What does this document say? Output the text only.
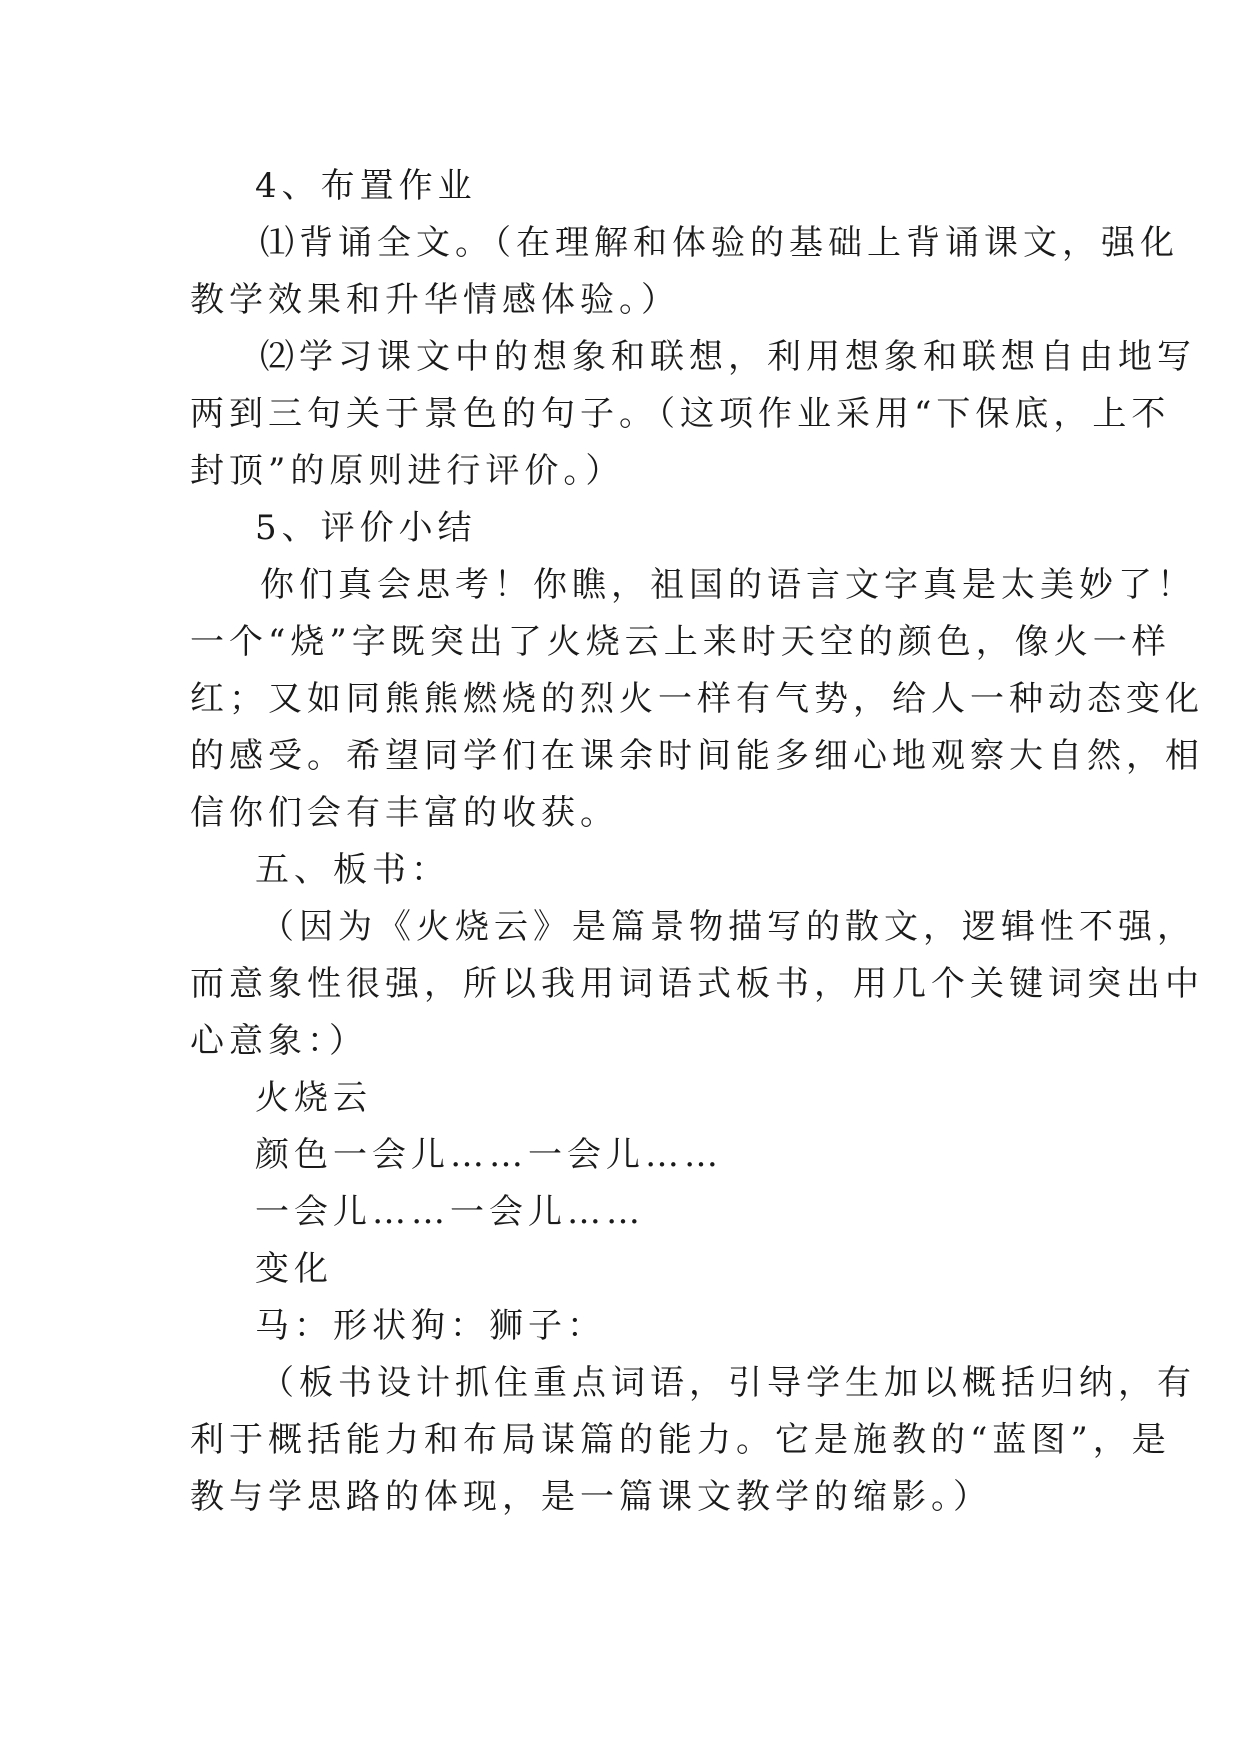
4、布置作业
⑴背诵全文。（在理解和体验的基础上背诵课文，强化
教学效果和升华情感体验。）
⑵学习课文中的想象和联想，利用想象和联想自由地写
两到三句关于景色的句子。（这项作业采用“下保底，上不
封顶”的原则进行评价。）
5、评价小结
你们真会思考！你瞧，祖国的语言文字真是太美妙了！
一个“烧”字既突出了火烧云上来时天空的颜色，像火一样
红；又如同熊熊燃烧的烈火一样有气势，给人一种动态变化
的感受。希望同学们在课余时间能多细心地观察大自然，相
信你们会有丰富的收获。
五、板书：
（因为《火烧云》是篇景物描写的散文，逻辑性不强，
而意象性很强，所以我用词语式板书，用几个关键词突出中
心意象：）
火烧云
颜色一会儿……一会儿……
一会儿……一会儿……
变化
马：形状狗：狮子：
（板书设计抓住重点词语，引导学生加以概括归纳，有
利于概括能力和布局谋篇的能力。它是施教的“蓝图”，是
教与学思路的体现，是一篇课文教学的缩影。）
